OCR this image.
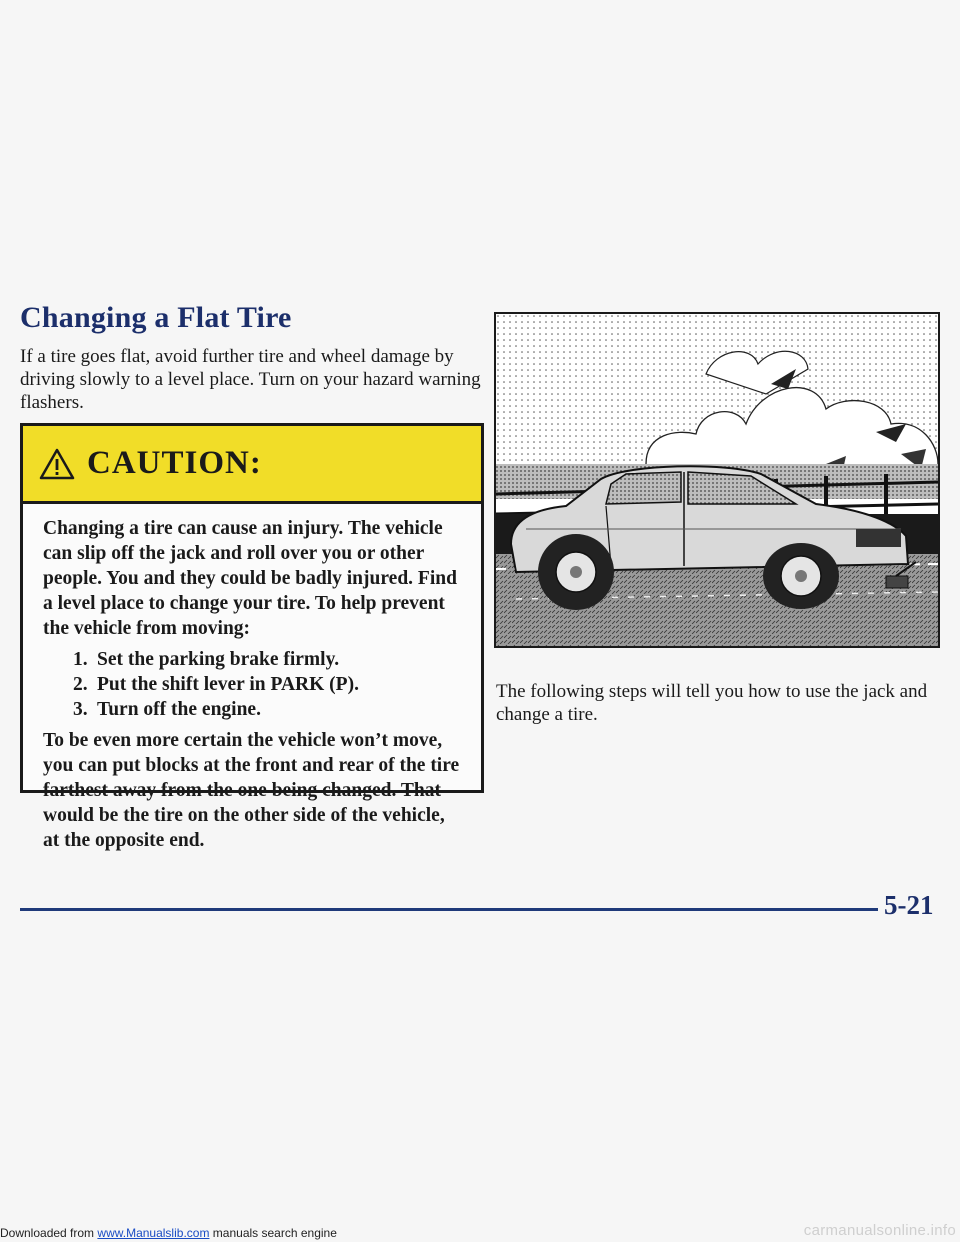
Changing a Flat Tire

If a tire goes flat, avoid further tire and wheel damage by driving slowly to a level place. Turn on your hazard warning flashers.

CAUTION:

Changing a tire can cause an injury. The vehicle can slip off the jack and roll over you or other people. You and they could be badly injured. Find a level place to change your tire. To help prevent the vehicle from moving:

1. Set the parking brake firmly.
2. Put the shift lever in PARK (P).
3. Turn off the engine.

To be even more certain the vehicle won’t move, you can put blocks at the front and rear of the tire farthest away from the one being changed. That would be the tire on the other side of the vehicle, at the opposite end.

The following steps will tell you how to use the jack and change a tire.

5-21
Downloaded from www.Manualslib.com manuals search engine	carmanualsonline.info
